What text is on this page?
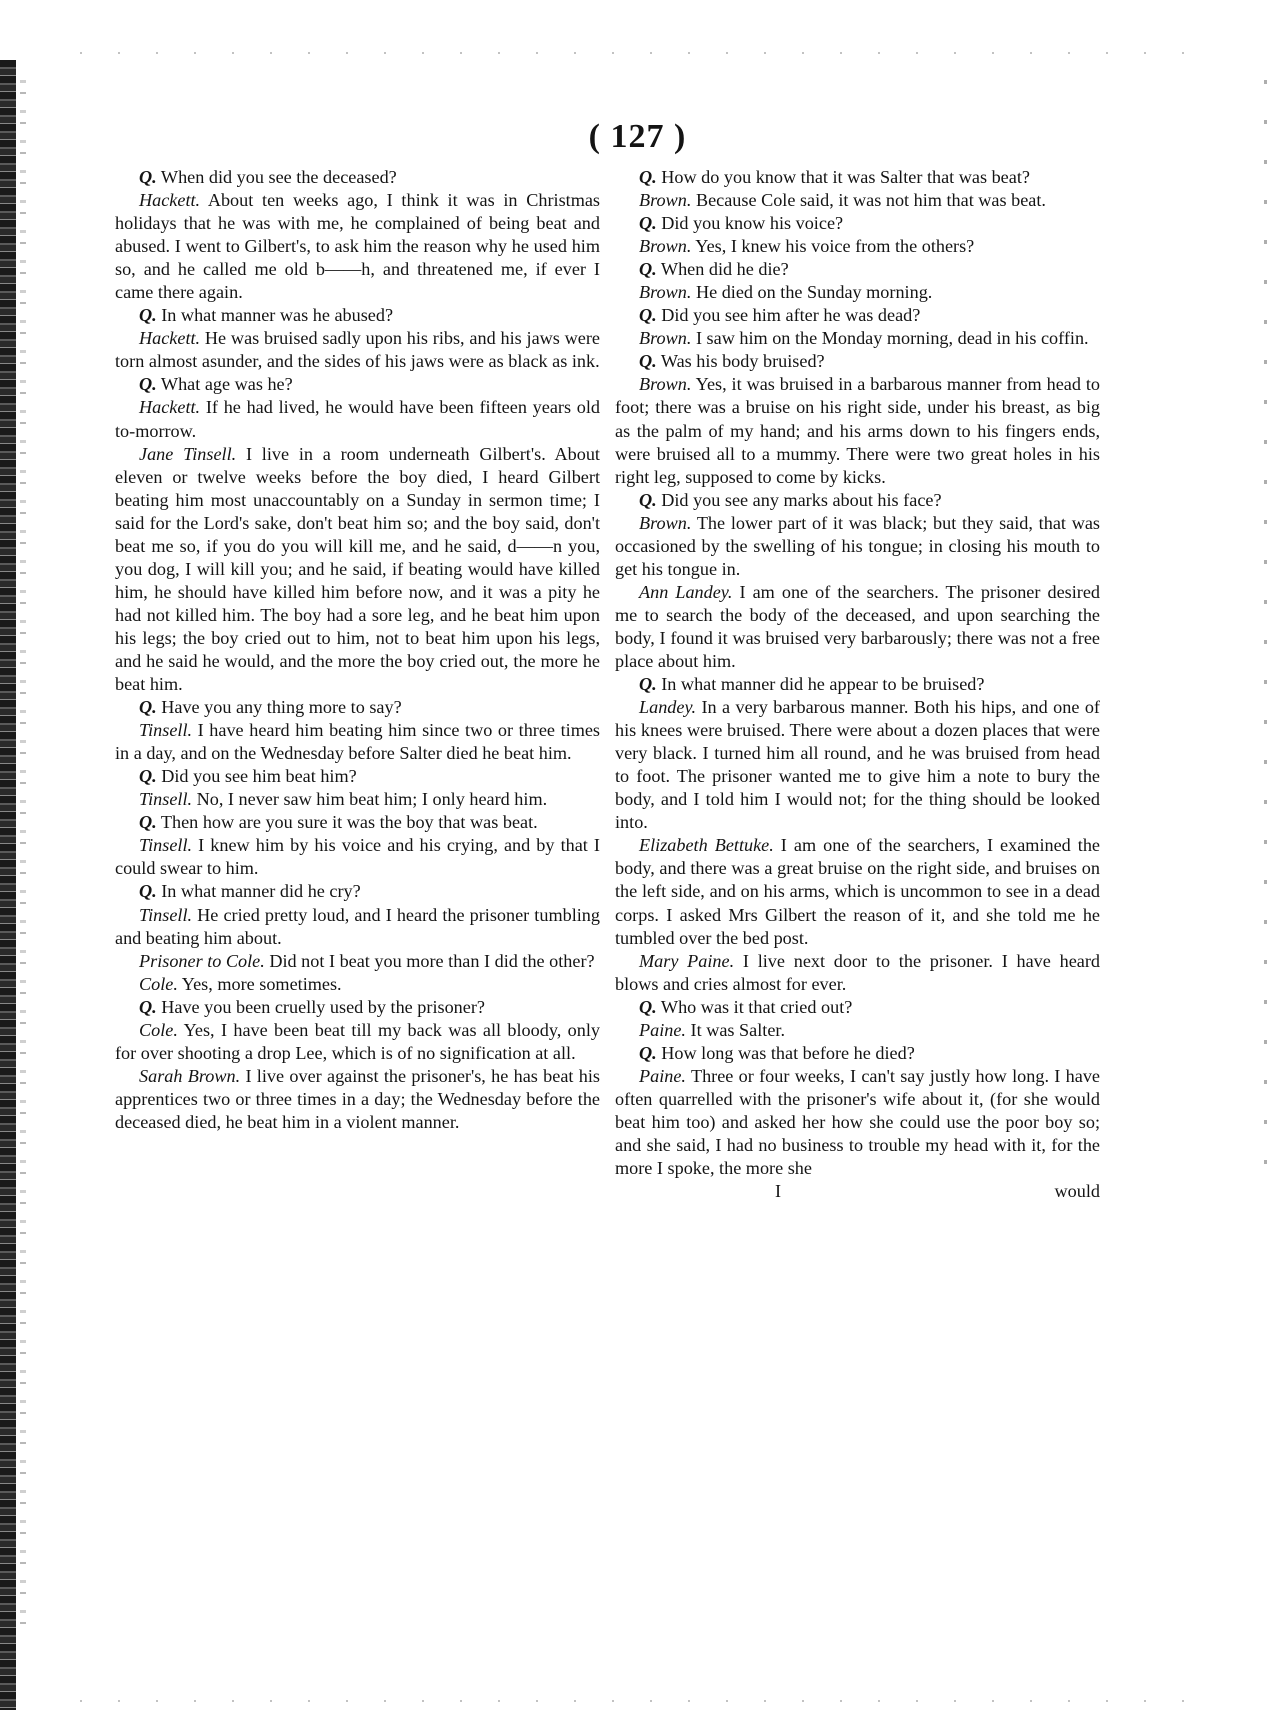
( 127 )

Q. When did you see the deceased?

Hackett. About ten weeks ago, I think it was in Christmas holidays that he was with me, he complained of being beat and abused. I went to Gilbert's, to ask him the reason why he used him so, and he called me old b——h, and threatened me, if ever I came there again.

Q. In what manner was he abused?

Hackett. He was bruised sadly upon his ribs, and his jaws were torn almost asunder, and the sides of his jaws were as black as ink.

Q. What age was he?

Hackett. If he had lived, he would have been fifteen years old to-morrow.

Jane Tinsell. I live in a room underneath Gilbert's. About eleven or twelve weeks before the boy died, I heard Gilbert beating him most unaccountably on a Sunday in sermon time; I said for the Lord's sake, don't beat him so; and the boy said, don't beat me so, if you do you will kill me, and he said, d——n you, you dog, I will kill you; and he said, if beating would have killed him, he should have killed him before now, and it was a pity he had not killed him. The boy had a sore leg, and he beat him upon his legs; the boy cried out to him, not to beat him upon his legs, and he said he would, and the more the boy cried out, the more he beat him.

Q. Have you any thing more to say?

Tinsell. I have heard him beating him since two or three times in a day, and on the Wednesday before Salter died he beat him.

Q. Did you see him beat him?

Tinsell. No, I never saw him beat him; I only heard him.

Q. Then how are you sure it was the boy that was beat.

Tinsell. I knew him by his voice and his crying, and by that I could swear to him.

Q. In what manner did he cry?

Tinsell. He cried pretty loud, and I heard the prisoner tumbling and beating him about.

Prisoner to Cole. Did not I beat you more than I did the other?

Cole. Yes, more sometimes.

Q. Have you been cruelly used by the prisoner?

Cole. Yes, I have been beat till my back was all bloody, only for over shooting a drop Lee, which is of no signification at all.

Sarah Brown. I live over against the prisoner's, he has beat his apprentices two or three times in a day; the Wednesday before the deceased died, he beat him in a violent manner.

Q. How do you know that it was Salter that was beat?

Brown. Because Cole said, it was not him that was beat.

Q. Did you know his voice?

Brown. Yes, I knew his voice from the others?

Q. When did he die?

Brown. He died on the Sunday morning.

Q. Did you see him after he was dead?

Brown. I saw him on the Monday morning, dead in his coffin.

Q. Was his body bruised?

Brown. Yes, it was bruised in a barbarous manner from head to foot; there was a bruise on his right side, under his breast, as big as the palm of my hand; and his arms down to his fingers ends, were bruised all to a mummy. There were two great holes in his right leg, supposed to come by kicks.

Q. Did you see any marks about his face?

Brown. The lower part of it was black; but they said, that was occasioned by the swelling of his tongue; in closing his mouth to get his tongue in.

Ann Landey. I am one of the searchers. The prisoner desired me to search the body of the deceased, and upon searching the body, I found it was bruised very barbarously; there was not a free place about him.

Q. In what manner did he appear to be bruised?

Landey. In a very barbarous manner. Both his hips, and one of his knees were bruised. There were about a dozen places that were very black. I turned him all round, and he was bruised from head to foot. The prisoner wanted me to give him a note to bury the body, and I told him I would not; for the thing should be looked into.

Elizabeth Bettuke. I am one of the searchers, I examined the body, and there was a great bruise on the right side, and bruises on the left side, and on his arms, which is uncommon to see in a dead corps. I asked Mrs Gilbert the reason of it, and she told me he tumbled over the bed post.

Mary Paine. I live next door to the prisoner. I have heard blows and cries almost for ever.

Q. Who was it that cried out?

Paine. It was Salter.

Q. How long was that before he died?

Paine. Three or four weeks, I can't say justly how long. I have often quarrelled with the prisoner's wife about it, (for she would beat him too) and asked her how she could use the poor boy so; and she said, I had no business to trouble my head with it, for the more I spoke, the more she

I	would
